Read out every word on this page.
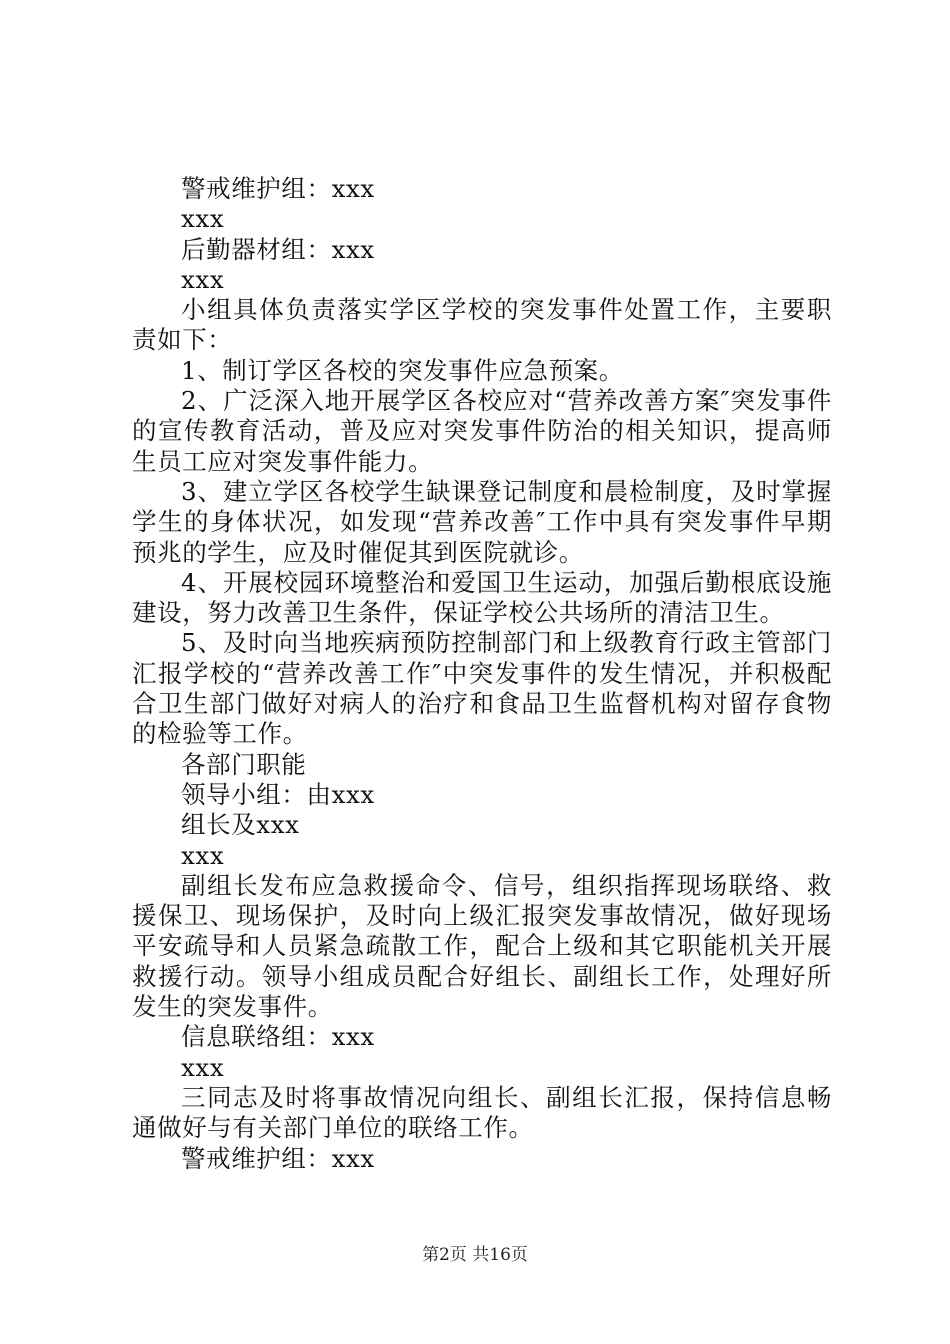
警戒维护组：xxx

xxx

后勤器材组：xxx

xxx

小组具体负责落实学区学校的突发事件处置工作，主要职责如下：

1、制订学区各校的突发事件应急预案。

2、广泛深入地开展学区各校应对“营养改善方案″突发事件的宣传教育活动，普及应对突发事件防治的相关知识，提高师生员工应对突发事件能力。

3、建立学区各校学生缺课登记制度和晨检制度，及时掌握学生的身体状况，如发现“营养改善″工作中具有突发事件早期预兆的学生，应及时催促其到医院就诊。

4、开展校园环境整治和爱国卫生运动，加强后勤根底设施建设，努力改善卫生条件，保证学校公共场所的清洁卫生。

5、及时向当地疾病预防控制部门和上级教育行政主管部门汇报学校的“营养改善工作″中突发事件的发生情况，并积极配合卫生部门做好对病人的治疗和食品卫生监督机构对留存食物的检验等工作。

各部门职能

领导小组：由xxx

组长及xxx

xxx

副组长发布应急救援命令、信号，组织指挥现场联络、救援保卫、现场保护，及时向上级汇报突发事故情况，做好现场平安疏导和人员紧急疏散工作，配合上级和其它职能机关开展救援行动。领导小组成员配合好组长、副组长工作，处理好所发生的突发事件。

信息联络组：xxx

xxx

三同志及时将事故情况向组长、副组长汇报，保持信息畅通做好与有关部门单位的联络工作。

警戒维护组：xxx

第2页 共16页
